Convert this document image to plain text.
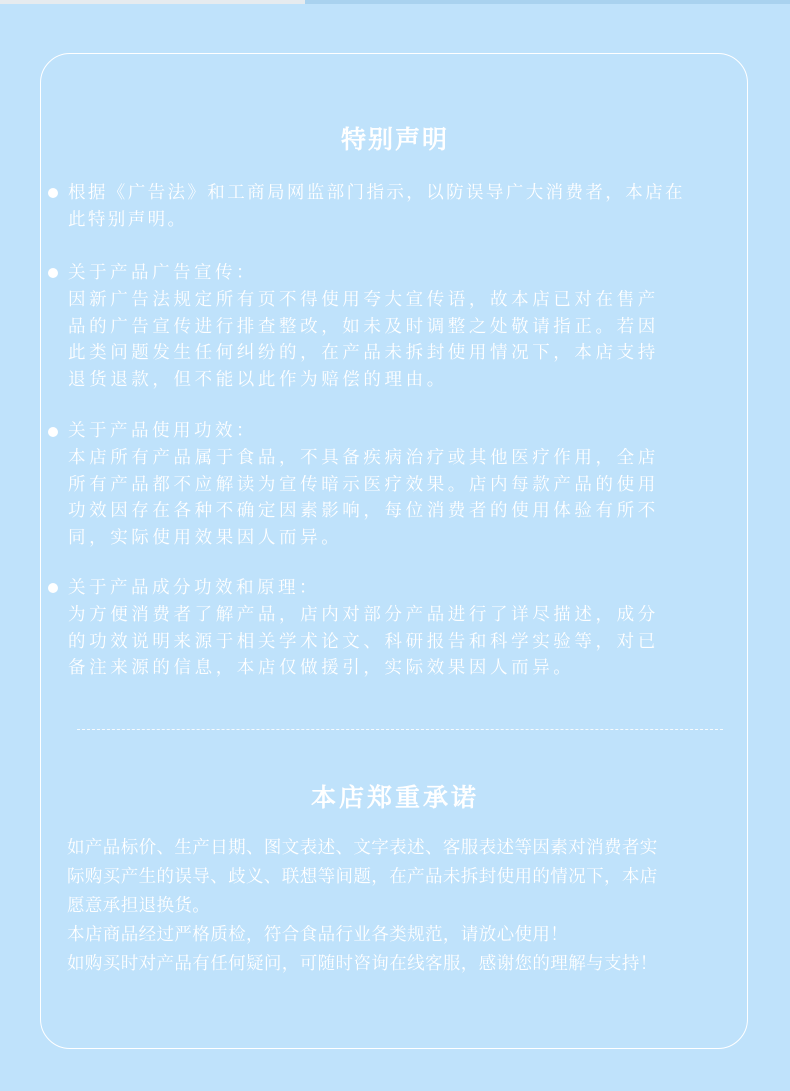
特别声明
根据《广告法》和工商局网监部门指示，以防误导广大消费者，本店在
此特别声明。
关于产品广告宣传：
因新广告法规定所有页不得使用夸大宣传语，故本店已对在售产
品的广告宣传进行排查整改，如未及时调整之处敬请指正。若因
此类问题发生任何纠纷的，在产品未拆封使用情况下，本店支持
退货退款，但不能以此作为赔偿的理由。
关于产品使用功效：
本店所有产品属于食品，不具备疾病治疗或其他医疗作用，全店
所有产品都不应解读为宣传暗示医疗效果。店内每款产品的使用
功效因存在各种不确定因素影响，每位消费者的使用体验有所不
同，实际使用效果因人而异。
关于产品成分功效和原理：
为方便消费者了解产品，店内对部分产品进行了详尽描述，成分
的功效说明来源于相关学术论文、科研报告和科学实验等，对已
备注来源的信息，本店仅做援引，实际效果因人而异。
本店郑重承诺
如产品标价、生产日期、图文表述、文字表述、客服表述等因素对消费者实
际购买产生的误导、歧义、联想等间题，在产品未拆封使用的情况下，本店
愿意承担退换货。
本店商品经过严格质检，符合食品行业各类规范，请放心使用！
如购买时对产品有任何疑问，可随时咨询在线客服，感谢您的理解与支持！
